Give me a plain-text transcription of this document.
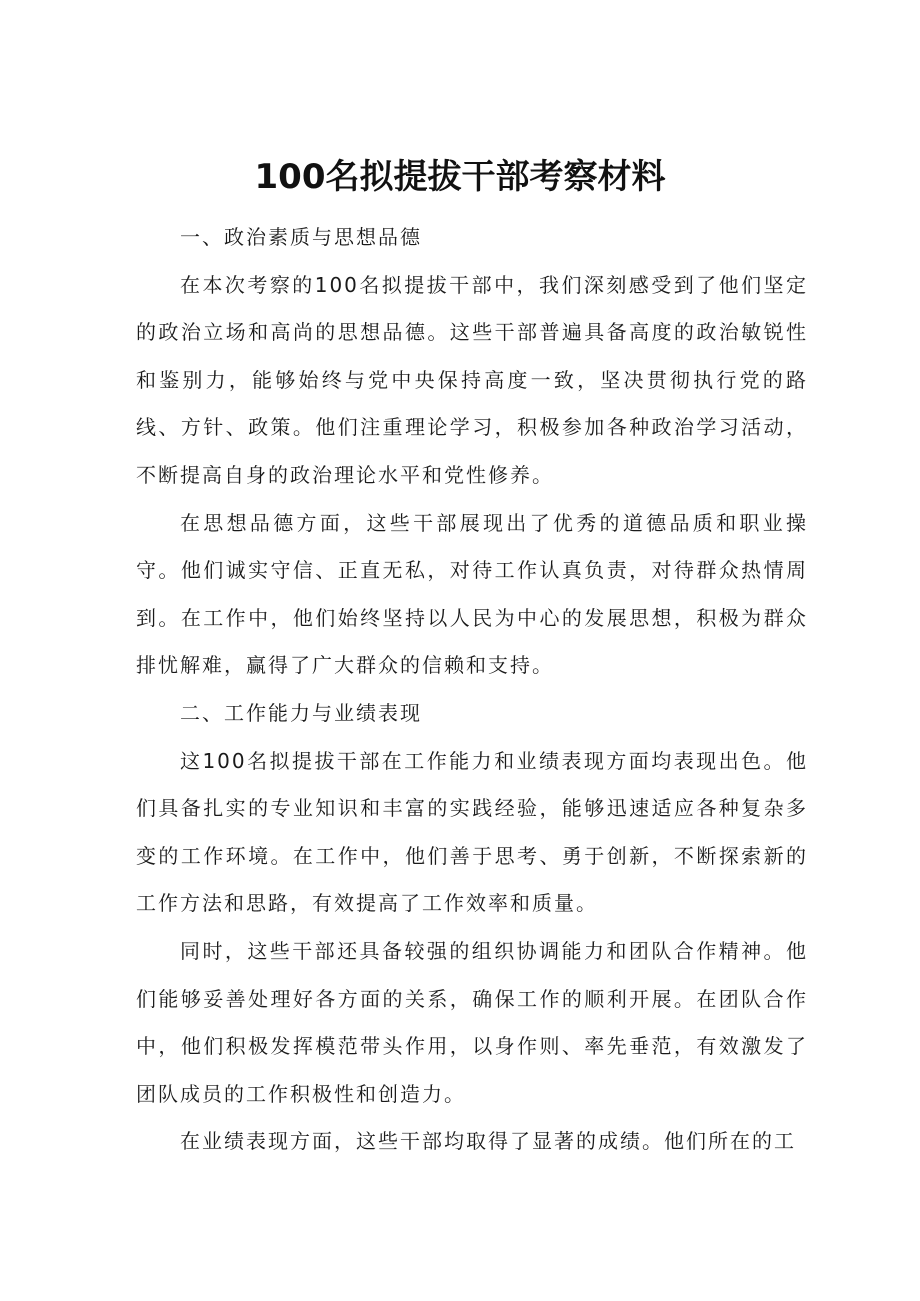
100名拟提拔干部考察材料

一、政治素质与思想品德

在本次考察的100名拟提拔干部中，我们深刻感受到了他们坚定的政治立场和高尚的思想品德。这些干部普遍具备高度的政治敏锐性和鉴别力，能够始终与党中央保持高度一致，坚决贯彻执行党的路线、方针、政策。他们注重理论学习，积极参加各种政治学习活动，不断提高自身的政治理论水平和党性修养。

在思想品德方面，这些干部展现出了优秀的道德品质和职业操守。他们诚实守信、正直无私，对待工作认真负责，对待群众热情周到。在工作中，他们始终坚持以人民为中心的发展思想，积极为群众排忧解难，赢得了广大群众的信赖和支持。

二、工作能力与业绩表现

这100名拟提拔干部在工作能力和业绩表现方面均表现出色。他们具备扎实的专业知识和丰富的实践经验，能够迅速适应各种复杂多变的工作环境。在工作中，他们善于思考、勇于创新，不断探索新的工作方法和思路，有效提高了工作效率和质量。

同时，这些干部还具备较强的组织协调能力和团队合作精神。他们能够妥善处理好各方面的关系，确保工作的顺利开展。在团队合作中，他们积极发挥模范带头作用，以身作则、率先垂范，有效激发了团队成员的工作积极性和创造力。

在业绩表现方面，这些干部均取得了显著的成绩。他们所在的工
